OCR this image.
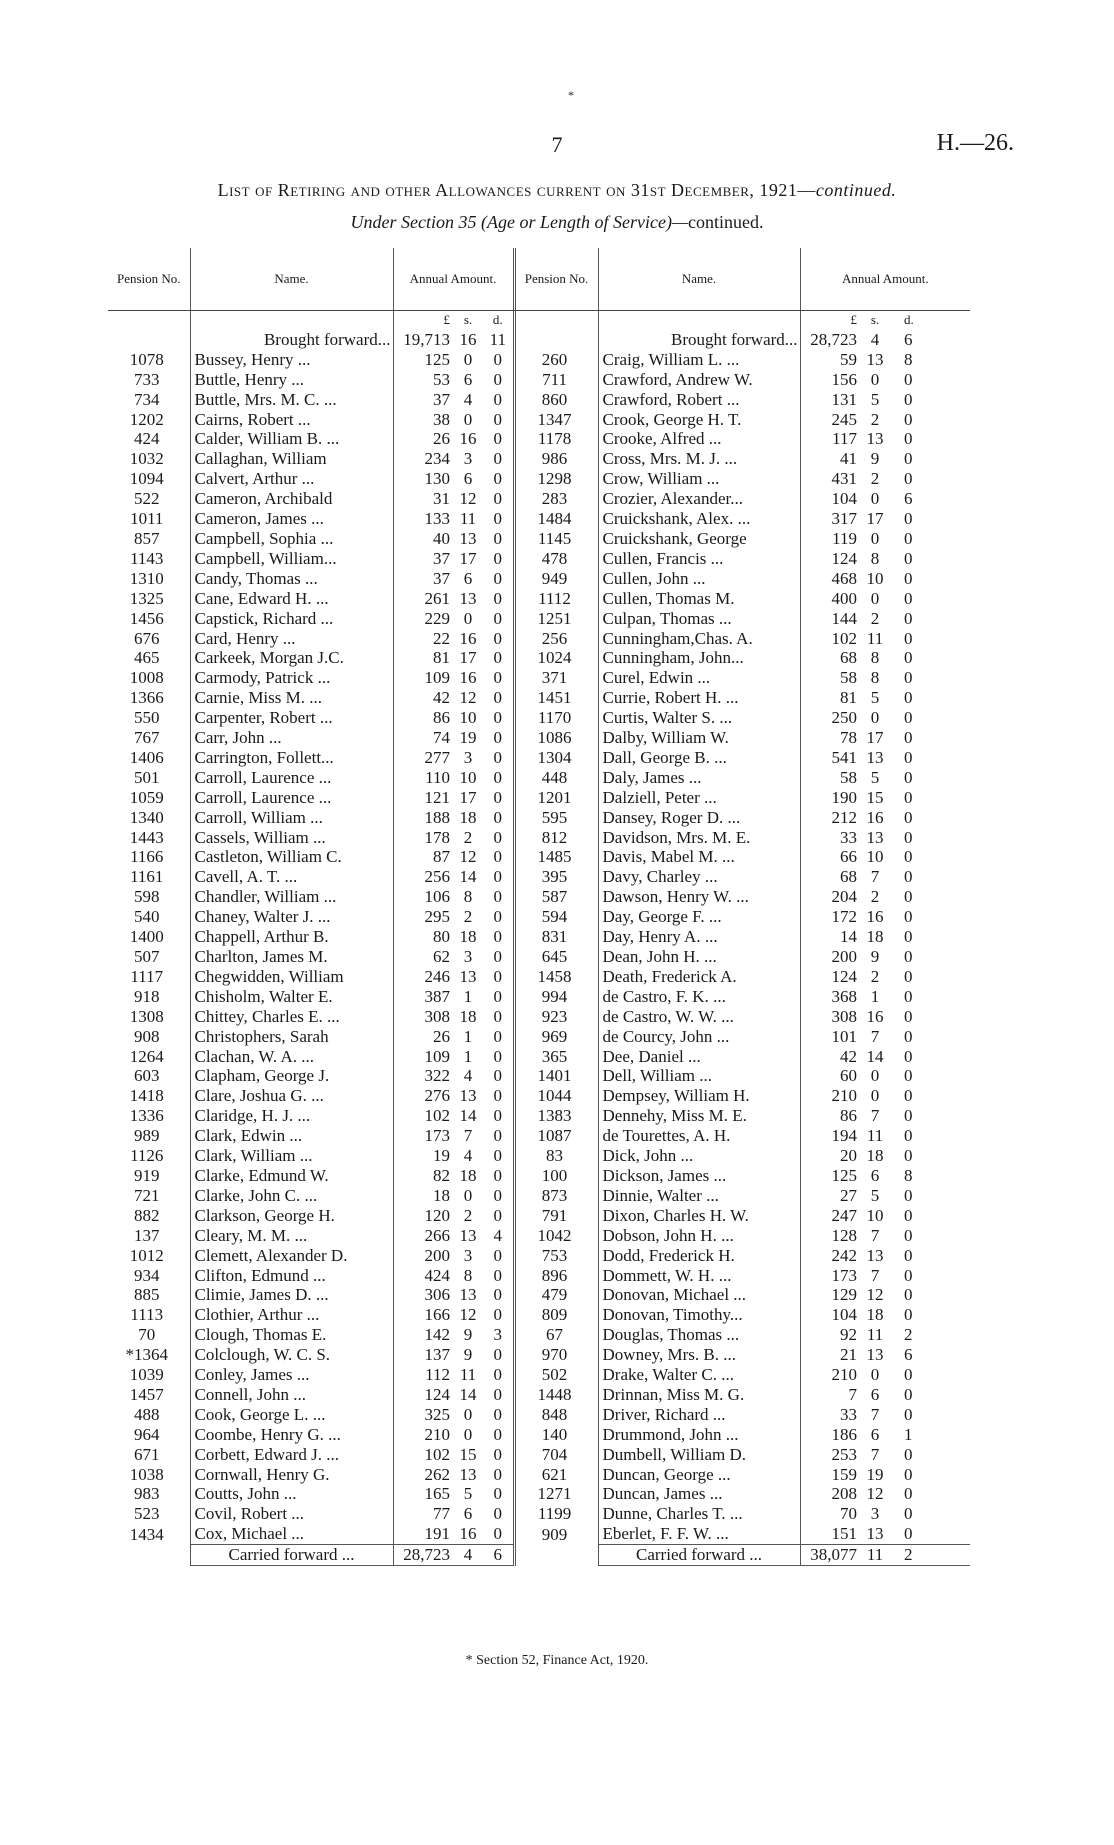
*
7	H.—26.
List of Retiring and other Allowances current on 31st December, 1921—continued.
Under Section 35 (Age or Length of Service)—continued.
Pension No.	Name.	Annual Amount.			Pension No.	Name.	Annual Amount.		
		£	s.	d.			£	s.	d.
	Brought forward...	19,713	16	11		Brought forward...	28,723	4	6
1078	Bussey, Henry ...	125	0	0	260	Craig, William L. ...	59	13	8
733	Buttle, Henry ...	53	6	0	711	Crawford, Andrew W.	156	0	0
734	Buttle, Mrs. M. C. ...	37	4	0	860	Crawford, Robert ...	131	5	0
1202	Cairns, Robert ...	38	0	0	1347	Crook, George H. T.	245	2	0
424	Calder, William B. ...	26	16	0	1178	Crooke, Alfred ...	117	13	0
1032	Callaghan, William	234	3	0	986	Cross, Mrs. M. J. ...	41	9	0
1094	Calvert, Arthur ...	130	6	0	1298	Crow, William ...	431	2	0
522	Cameron, Archibald	31	12	0	283	Crozier, Alexander...	104	0	6
1011	Cameron, James ...	133	11	0	1484	Cruickshank, Alex. ...	317	17	0
857	Campbell, Sophia ...	40	13	0	1145	Cruickshank, George	119	0	0
1143	Campbell, William...	37	17	0	478	Cullen, Francis ...	124	8	0
1310	Candy, Thomas ...	37	6	0	949	Cullen, John ...	468	10	0
1325	Cane, Edward H. ...	261	13	0	1112	Cullen, Thomas M.	400	0	0
1456	Capstick, Richard ...	229	0	0	1251	Culpan, Thomas ...	144	2	0
676	Card, Henry ...	22	16	0	256	Cunningham,Chas. A.	102	11	0
465	Carkeek, Morgan J.C.	81	17	0	1024	Cunningham, John...	68	8	0
1008	Carmody, Patrick ...	109	16	0	371	Curel, Edwin ...	58	8	0
1366	Carnie, Miss M. ...	42	12	0	1451	Currie, Robert H. ...	81	5	0
550	Carpenter, Robert ...	86	10	0	1170	Curtis, Walter S. ...	250	0	0
767	Carr, John ...	74	19	0	1086	Dalby, William W.	78	17	0
1406	Carrington, Follett...	277	3	0	1304	Dall, George B. ...	541	13	0
501	Carroll, Laurence ...	110	10	0	448	Daly, James ...	58	5	0
1059	Carroll, Laurence ...	121	17	0	1201	Dalziell, Peter ...	190	15	0
1340	Carroll, William ...	188	18	0	595	Dansey, Roger D. ...	212	16	0
1443	Cassels, William ...	178	2	0	812	Davidson, Mrs. M. E.	33	13	0
1166	Castleton, William C.	87	12	0	1485	Davis, Mabel M. ...	66	10	0
1161	Cavell, A. T. ...	256	14	0	395	Davy, Charley ...	68	7	0
598	Chandler, William ...	106	8	0	587	Dawson, Henry W. ...	204	2	0
540	Chaney, Walter J. ...	295	2	0	594	Day, George F. ...	172	16	0
1400	Chappell, Arthur B.	80	18	0	831	Day, Henry A. ...	14	18	0
507	Charlton, James M.	62	3	0	645	Dean, John H. ...	200	9	0
1117	Chegwidden, William	246	13	0	1458	Death, Frederick A.	124	2	0
918	Chisholm, Walter E.	387	1	0	994	de Castro, F. K. ...	368	1	0
1308	Chittey, Charles E. ...	308	18	0	923	de Castro, W. W. ...	308	16	0
908	Christophers, Sarah	26	1	0	969	de Courcy, John ...	101	7	0
1264	Clachan, W. A. ...	109	1	0	365	Dee, Daniel ...	42	14	0
603	Clapham, George J.	322	4	0	1401	Dell, William ...	60	0	0
1418	Clare, Joshua G. ...	276	13	0	1044	Dempsey, William H.	210	0	0
1336	Claridge, H. J. ...	102	14	0	1383	Dennehy, Miss M. E.	86	7	0
989	Clark, Edwin ...	173	7	0	1087	de Tourettes, A. H.	194	11	0
1126	Clark, William ...	19	4	0	83	Dick, John ...	20	18	0
919	Clarke, Edmund W.	82	18	0	100	Dickson, James ...	125	6	8
721	Clarke, John C. ...	18	0	0	873	Dinnie, Walter ...	27	5	0
882	Clarkson, George H.	120	2	0	791	Dixon, Charles H. W.	247	10	0
137	Cleary, M. M. ...	266	13	4	1042	Dobson, John H. ...	128	7	0
1012	Clemett, Alexander D.	200	3	0	753	Dodd, Frederick H.	242	13	0
934	Clifton, Edmund ...	424	8	0	896	Dommett, W. H. ...	173	7	0
885	Climie, James D. ...	306	13	0	479	Donovan, Michael ...	129	12	0
1113	Clothier, Arthur ...	166	12	0	809	Donovan, Timothy...	104	18	0
70	Clough, Thomas E.	142	9	3	67	Douglas, Thomas ...	92	11	2
*1364	Colclough, W. C. S.	137	9	0	970	Downey, Mrs. B. ...	21	13	6
1039	Conley, James ...	112	11	0	502	Drake, Walter C. ...	210	0	0
1457	Connell, John ...	124	14	0	1448	Drinnan, Miss M. G.	7	6	0
488	Cook, George L. ...	325	0	0	848	Driver, Richard ...	33	7	0
964	Coombe, Henry G. ...	210	0	0	140	Drummond, John ...	186	6	1
671	Corbett, Edward J. ...	102	15	0	704	Dumbell, William D.	253	7	0
1038	Cornwall, Henry G.	262	13	0	621	Duncan, George ...	159	19	0
983	Coutts, John ...	165	5	0	1271	Duncan, James ...	208	12	0
523	Covil, Robert ...	77	6	0	1199	Dunne, Charles T. ...	70	3	0
1434	Cox, Michael ...	191	16	0	909	Eberlet, F. F. W. ...	151	13	0
	Carried forward ...	28,723	4	6		Carried forward ...	38,077	11	2
* Section 52, Finance Act, 1920.
